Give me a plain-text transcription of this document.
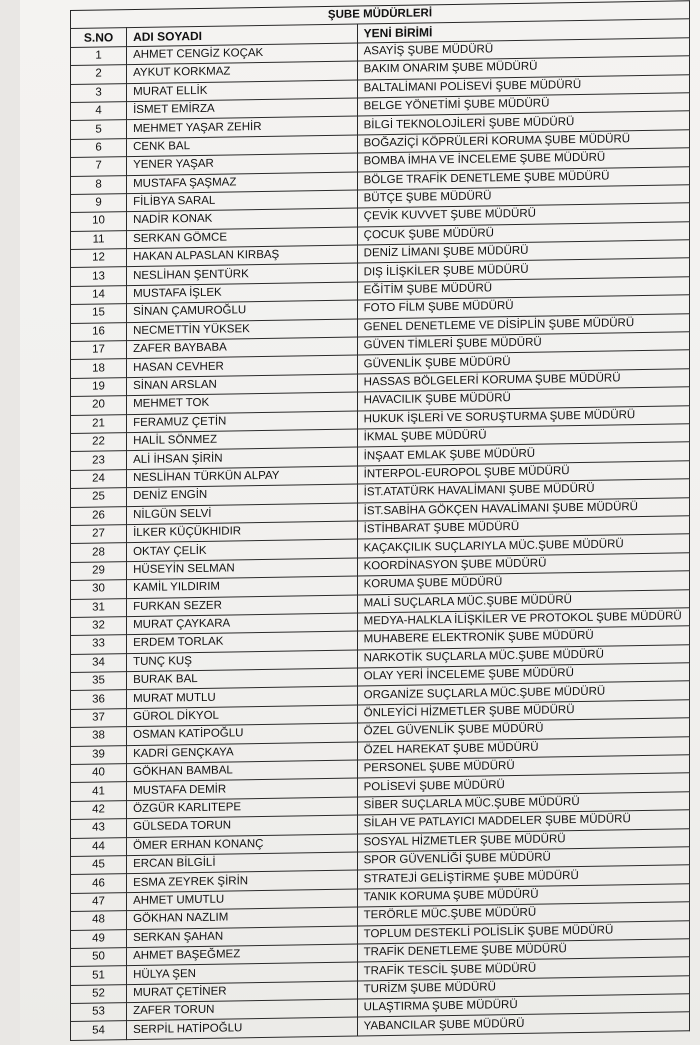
ŞUBE MÜDÜRLERİ		
S.NO	ADI SOYADI	YENİ BİRİMİ
1	AHMET CENGİZ KOÇAK	ASAYİŞ ŞUBE MÜDÜRÜ
2	AYKUT KORKMAZ	BAKIM ONARIM ŞUBE MÜDÜRÜ
3	MURAT ELLİK	BALTALİMANI POLİSEVİ ŞUBE MÜDÜRÜ
4	İSMET EMİRZA	BELGE YÖNETİMİ ŞUBE MÜDÜRÜ
5	MEHMET YAŞAR ZEHİR	BİLGİ TEKNOLOJİLERİ ŞUBE MÜDÜRÜ
6	CENK BAL	BOĞAZİÇİ KÖPRÜLERİ KORUMA ŞUBE MÜDÜRÜ
7	YENER YAŞAR	BOMBA İMHA VE İNCELEME ŞUBE MÜDÜRÜ
8	MUSTAFA ŞAŞMAZ	BÖLGE TRAFİK DENETLEME ŞUBE MÜDÜRÜ
9	FİLİBYA SARAL	BÜTÇE ŞUBE MÜDÜRÜ
10	NADİR KONAK	ÇEVİK KUVVET ŞUBE MÜDÜRÜ
11	SERKAN GÖMCE	ÇOCUK ŞUBE MÜDÜRÜ
12	HAKAN ALPASLAN KIRBAŞ	DENİZ LİMANI ŞUBE MÜDÜRÜ
13	NESLİHAN ŞENTÜRK	DIŞ İLİŞKİLER ŞUBE MÜDÜRÜ
14	MUSTAFA İŞLEK	EĞİTİM ŞUBE MÜDÜRÜ
15	SİNAN ÇAMUROĞLU	FOTO FİLM ŞUBE MÜDÜRÜ
16	NECMETTİN YÜKSEK	GENEL DENETLEME VE DİSİPLİN ŞUBE MÜDÜRÜ
17	ZAFER BAYBABA	GÜVEN TİMLERİ ŞUBE MÜDÜRÜ
18	HASAN CEVHER	GÜVENLİK ŞUBE MÜDÜRÜ
19	SİNAN ARSLAN	HASSAS BÖLGELERİ KORUMA ŞUBE MÜDÜRÜ
20	MEHMET TOK	HAVACILIK ŞUBE MÜDÜRÜ
21	FERAMUZ ÇETİN	HUKUK İŞLERİ VE SORUŞTURMA ŞUBE MÜDÜRÜ
22	HALİL SÖNMEZ	İKMAL ŞUBE MÜDÜRÜ
23	ALİ İHSAN ŞİRİN	İNŞAAT EMLAK ŞUBE MÜDÜRÜ
24	NESLİHAN TÜRKÜN ALPAY	İNTERPOL-EUROPOL ŞUBE MÜDÜRÜ
25	DENİZ ENGİN	İST.ATATÜRK HAVALİMANI ŞUBE MÜDÜRÜ
26	NİLGÜN SELVİ	İST.SABİHA GÖKÇEN HAVALİMANI ŞUBE MÜDÜRÜ
27	İLKER KÜÇÜKHIDIR	İSTİHBARAT ŞUBE MÜDÜRÜ
28	OKTAY ÇELİK	KAÇAKÇILIK SUÇLARIYLA MÜC.ŞUBE MÜDÜRÜ
29	HÜSEYİN SELMAN	KOORDİNASYON ŞUBE MÜDÜRÜ
30	KAMİL YILDIRIM	KORUMA ŞUBE MÜDÜRÜ
31	FURKAN SEZER	MALİ SUÇLARLA MÜC.ŞUBE MÜDÜRÜ
32	MURAT ÇAYKARA	MEDYA-HALKLA İLİŞKİLER VE PROTOKOL ŞUBE MÜDÜRÜ
33	ERDEM TORLAK	MUHABERE ELEKTRONİK ŞUBE MÜDÜRÜ
34	TUNÇ KUŞ	NARKOTİK SUÇLARLA MÜC.ŞUBE MÜDÜRÜ
35	BURAK BAL	OLAY YERİ İNCELEME ŞUBE MÜDÜRÜ
36	MURAT MUTLU	ORGANİZE SUÇLARLA MÜC.ŞUBE MÜDÜRÜ
37	GÜROL DİKYOL	ÖNLEYİCİ HİZMETLER ŞUBE MÜDÜRÜ
38	OSMAN KATİPOĞLU	ÖZEL GÜVENLİK ŞUBE MÜDÜRÜ
39	KADRİ GENÇKAYA	ÖZEL HAREKAT ŞUBE MÜDÜRÜ
40	GÖKHAN BAMBAL	PERSONEL ŞUBE MÜDÜRÜ
41	MUSTAFA DEMİR	POLİSEVİ ŞUBE MÜDÜRÜ
42	ÖZGÜR KARLITEPE	SİBER SUÇLARLA MÜC.ŞUBE MÜDÜRÜ
43	GÜLSEDA TORUN	SİLAH VE PATLAYICI MADDELER ŞUBE MÜDÜRÜ
44	ÖMER ERHAN KONANÇ	SOSYAL HİZMETLER ŞUBE MÜDÜRÜ
45	ERCAN BİLGİLİ	SPOR GÜVENLİĞİ ŞUBE MÜDÜRÜ
46	ESMA ZEYREK ŞİRİN	STRATEJİ GELİŞTİRME ŞUBE MÜDÜRÜ
47	AHMET UMUTLU	TANIK KORUMA ŞUBE MÜDÜRÜ
48	GÖKHAN NAZLIM	TERÖRLE MÜC.ŞUBE MÜDÜRÜ
49	SERKAN ŞAHAN	TOPLUM DESTEKLİ POLİSLİK ŞUBE MÜDÜRÜ
50	AHMET BAŞEĞMEZ	TRAFİK DENETLEME ŞUBE MÜDÜRÜ
51	HÜLYA ŞEN	TRAFİK TESCİL ŞUBE MÜDÜRÜ
52	MURAT ÇETİNER	TURİZM ŞUBE MÜDÜRÜ
53	ZAFER TORUN	ULAŞTIRMA ŞUBE MÜDÜRÜ
54	SERPİL HATİPOĞLU	YABANCILAR ŞUBE MÜDÜRÜ
